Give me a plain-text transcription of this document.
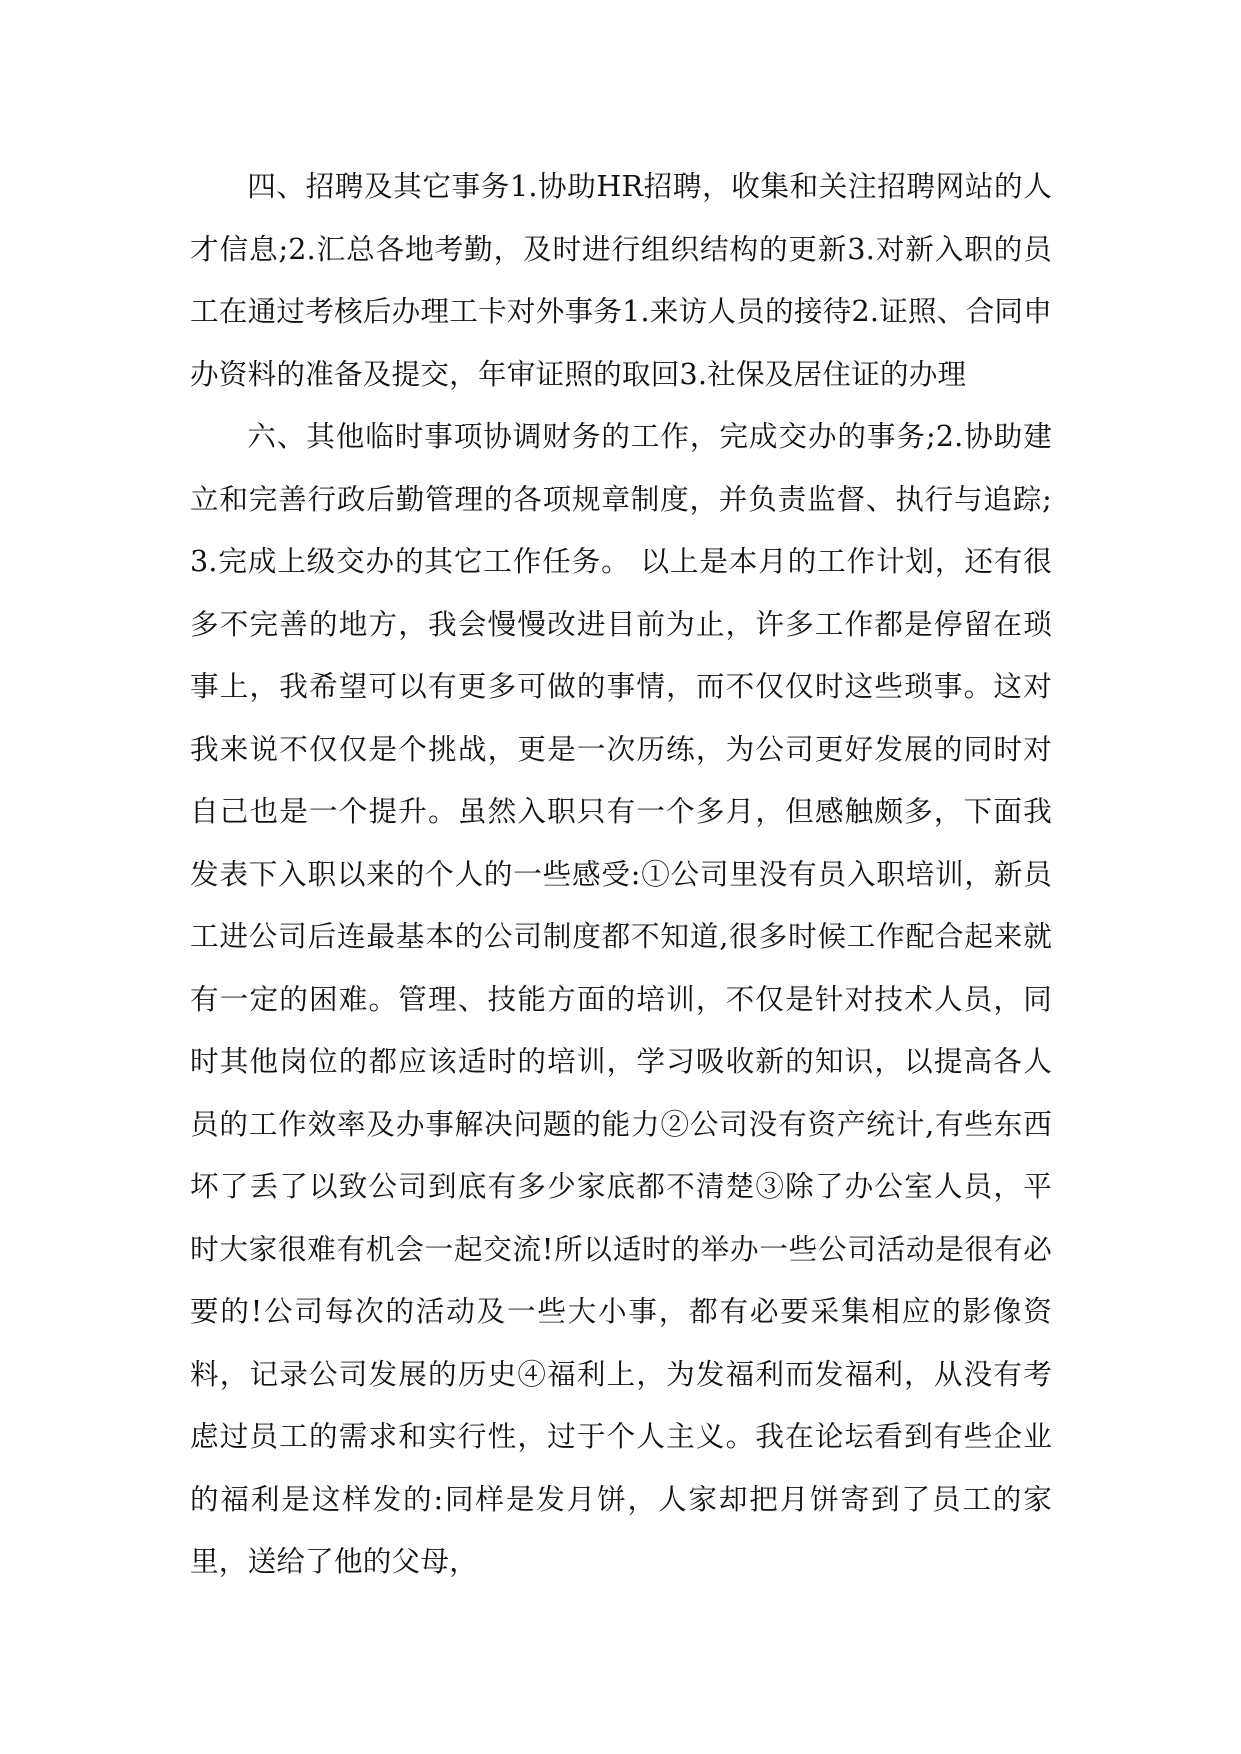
四、招聘及其它事务1.协助HR招聘，收集和关注招聘网站的人才信息;2.汇总各地考勤，及时进行组织结构的更新3.对新入职的员工在通过考核后办理工卡对外事务1.来访人员的接待2.证照、合同申办资料的准备及提交，年审证照的取回3.社保及居住证的办理

六、其他临时事项协调财务的工作，完成交办的事务;2.协助建立和完善行政后勤管理的各项规章制度，并负责监督、执行与追踪;3.完成上级交办的其它工作任务。 以上是本月的工作计划，还有很多不完善的地方，我会慢慢改进目前为止，许多工作都是停留在琐事上，我希望可以有更多可做的事情，而不仅仅时这些琐事。这对我来说不仅仅是个挑战，更是一次历练，为公司更好发展的同时对自己也是一个提升。虽然入职只有一个多月，但感触颇多，下面我发表下入职以来的个人的一些感受:①公司里没有员入职培训，新员工进公司后连最基本的公司制度都不知道,很多时候工作配合起来就有一定的困难。管理、技能方面的培训，不仅是针对技术人员，同时其他岗位的都应该适时的培训，学习吸收新的知识，以提高各人员的工作效率及办事解决问题的能力②公司没有资产统计,有些东西坏了丢了以致公司到底有多少家底都不清楚③除了办公室人员，平时大家很难有机会一起交流!所以适时的举办一些公司活动是很有必要的!公司每次的活动及一些大小事，都有必要采集相应的影像资料，记录公司发展的历史④福利上，为发福利而发福利，从没有考虑过员工的需求和实行性，过于个人主义。我在论坛看到有些企业的福利是这样发的:同样是发月饼，人家却把月饼寄到了员工的家里，送给了他的父母，
